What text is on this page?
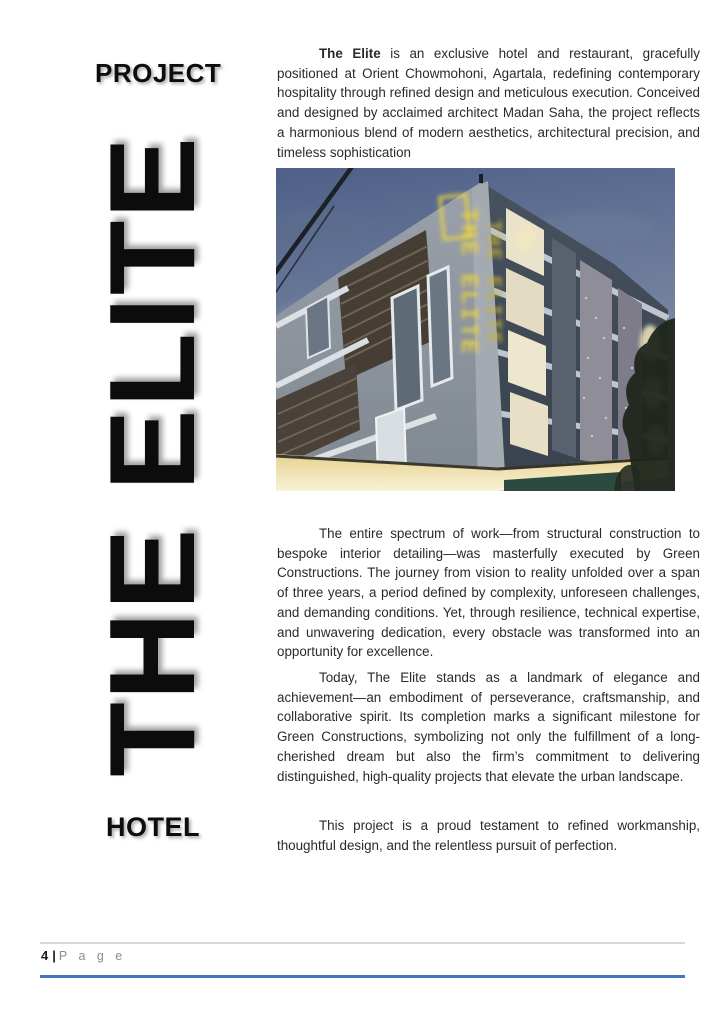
PROJECT
THE ELITE
HOTEL

The Elite is an exclusive hotel and restaurant, gracefully positioned at Orient Chowmohoni, Agartala, redefining contemporary hospitality through refined design and meticulous execution. Conceived and designed by acclaimed architect Madan Saha, the project reflects a harmonious blend of modern aesthetics, architectural precision, and timeless sophistication

The entire spectrum of work—from structural construction to bespoke interior detailing—was masterfully executed by Green Constructions. The journey from vision to reality unfolded over a span of three years, a period defined by complexity, unforeseen challenges, and demanding conditions. Yet, through resilience, technical expertise, and unwavering dedication, every obstacle was transformed into an opportunity for excellence.

Today, The Elite stands as a landmark of elegance and achievement—an embodiment of perseverance, craftsmanship, and collaborative spirit. Its completion marks a significant milestone for Green Constructions, symbolizing not only the fulfillment of a long-cherished dream but also the firm’s commitment to delivering distinguished, high-quality projects that elevate the urban landscape.

This project is a proud testament to refined workmanship, thoughtful design, and the relentless pursuit of perfection.

THE ELITE THE ELITE
4 | P a g e
